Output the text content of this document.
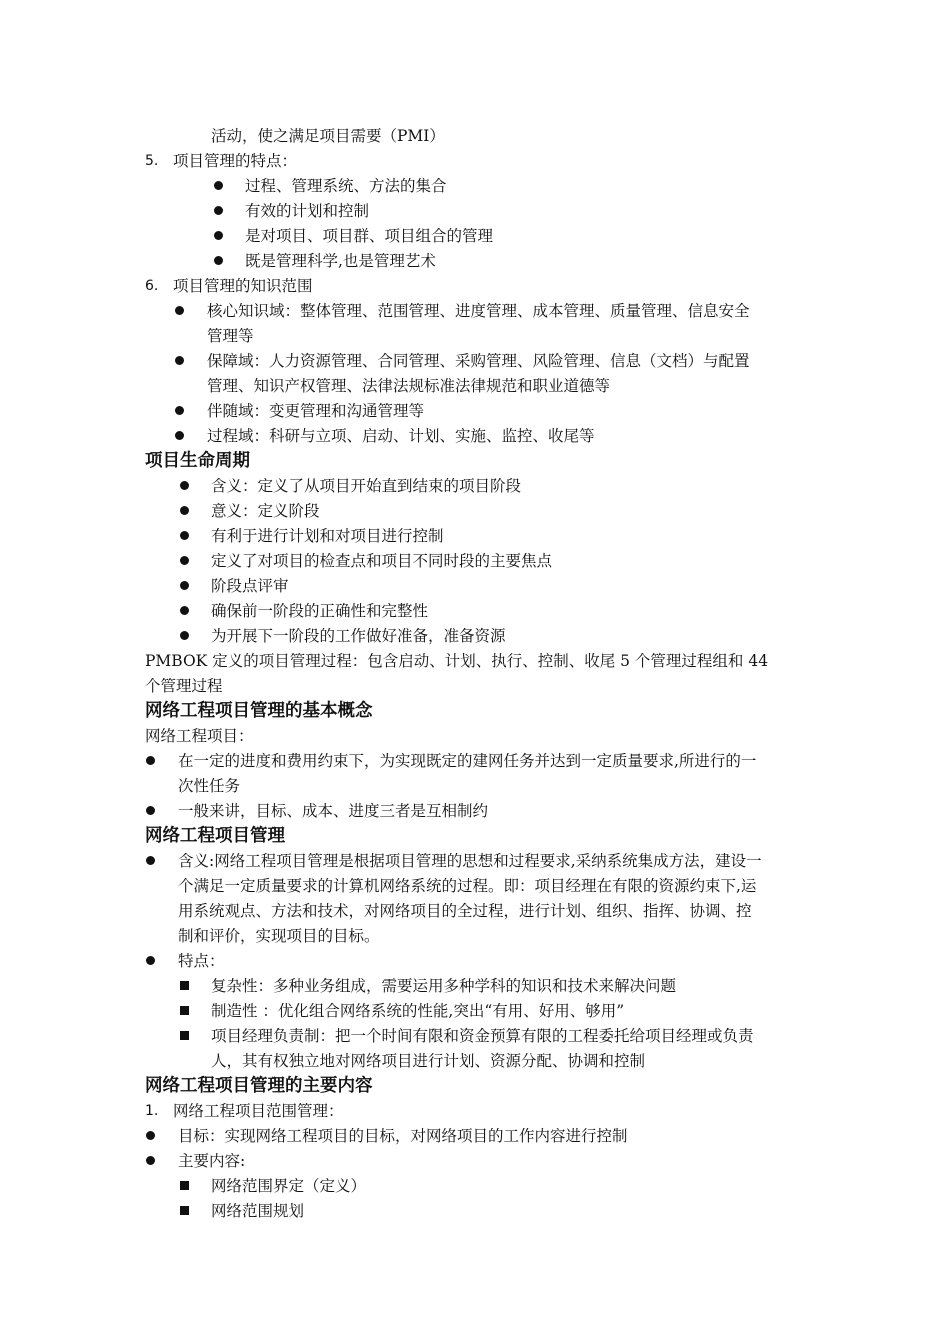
活动，使之满足项目需要（PMI）
5. 项目管理的特点：
过程、管理系统、方法的集合
有效的计划和控制
是对项目、项目群、项目组合的管理
既是管理科学,也是管理艺术
6. 项目管理的知识范围
核心知识域：整体管理、范围管理、进度管理、成本管理、质量管理、信息安全
管理等
保障域：人力资源管理、合同管理、采购管理、风险管理、信息（文档）与配置
管理、知识产权管理、法律法规标准法律规范和职业道德等
伴随域：变更管理和沟通管理等
过程域：科研与立项、启动、计划、实施、监控、收尾等
项目生命周期
含义：定义了从项目开始直到结束的项目阶段
意义：定义阶段
有利于进行计划和对项目进行控制
定义了对项目的检查点和项目不同时段的主要焦点
阶段点评审
确保前一阶段的正确性和完整性
为开展下一阶段的工作做好准备，准备资源
PMBOK 定义的项目管理过程：包含启动、计划、执行、控制、收尾 5 个管理过程组和 44
个管理过程
网络工程项目管理的基本概念
网络工程项目：
在一定的进度和费用约束下，为实现既定的建网任务并达到一定质量要求,所进行的一
次性任务
一般来讲，目标、成本、进度三者是互相制约
网络工程项目管理
含义:网络工程项目管理是根据项目管理的思想和过程要求,采纳系统集成方法，建设一
个满足一定质量要求的计算机网络系统的过程。即：项目经理在有限的资源约束下,运
用系统观点、方法和技术，对网络项目的全过程，进行计划、组织、指挥、协调、控
制和评价，实现项目的目标。
特点：
复杂性：多种业务组成，需要运用多种学科的知识和技术来解决问题
制造性 ：优化组合网络系统的性能,突出“有用、好用、够用”
项目经理负责制：把一个时间有限和资金预算有限的工程委托给项目经理或负责
人，其有权独立地对网络项目进行计划、资源分配、协调和控制
网络工程项目管理的主要内容
1. 网络工程项目范围管理：
目标：实现网络工程项目的目标，对网络项目的工作内容进行控制
主要内容:
网络范围界定（定义）
网络范围规划
